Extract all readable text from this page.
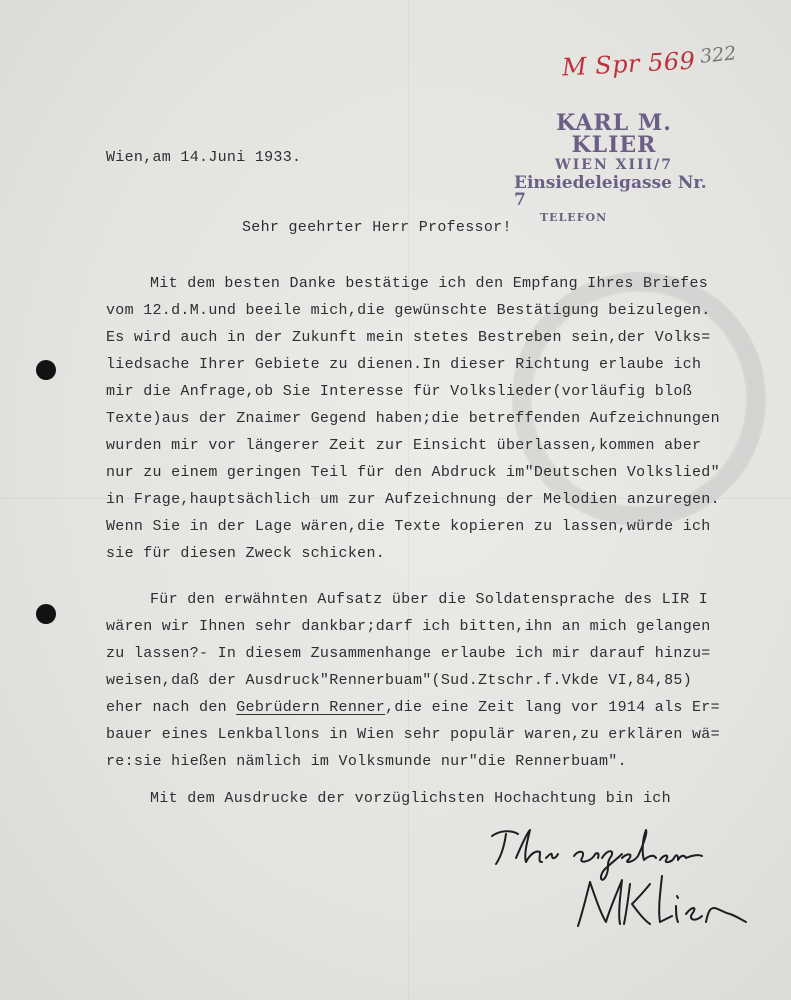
M Spr 569 322
KARL M. KLIER
WIEN XIII/7
Einsiedeleigasse Nr. 7
TELEFON
Wien,am 14.Juni 1933.
Sehr geehrter Herr Professor!
Mit dem besten Danke bestätige ich den Empfang Ihres Briefes
vom 12.d.M.und beeile mich,die gewünschte Bestätigung beizulegen.
Es wird auch in der Zukunft mein stetes Bestreben sein,der Volks=
liedsache Ihrer Gebiete zu dienen.In dieser Richtung erlaube ich
mir die Anfrage,ob Sie Interesse für Volkslieder(vorläufig bloß
Texte)aus der Znaimer Gegend haben;die betreffenden Aufzeichnungen
wurden mir vor längerer Zeit zur Einsicht überlassen,kommen aber
nur zu einem geringen Teil für den Abdruck im"Deutschen Volkslied"
in Frage,hauptsächlich um zur Aufzeichnung der Melodien anzuregen.
Wenn Sie in der Lage wären,die Texte kopieren zu lassen,würde ich
sie für diesen Zweck schicken.
Für den erwähnten Aufsatz über die Soldatensprache des LIR I
wären wir Ihnen sehr dankbar;darf ich bitten,ihn an mich gelangen
zu lassen?- In diesem Zusammenhange erlaube ich mir darauf hinzu=
weisen,daß der Ausdruck"Rennerbuam"(Sud.Ztschr.f.Vkde VI,84,85)
eher nach den Gebrüdern Renner,die eine Zeit lang vor 1914 als Er=
bauer eines Lenkballons in Wien sehr populär waren,zu erklären wä=
re:sie hießen nämlich im Volksmunde nur"die Rennerbuam".
Mit dem Ausdrucke der vorzüglichsten Hochachtung bin ich
